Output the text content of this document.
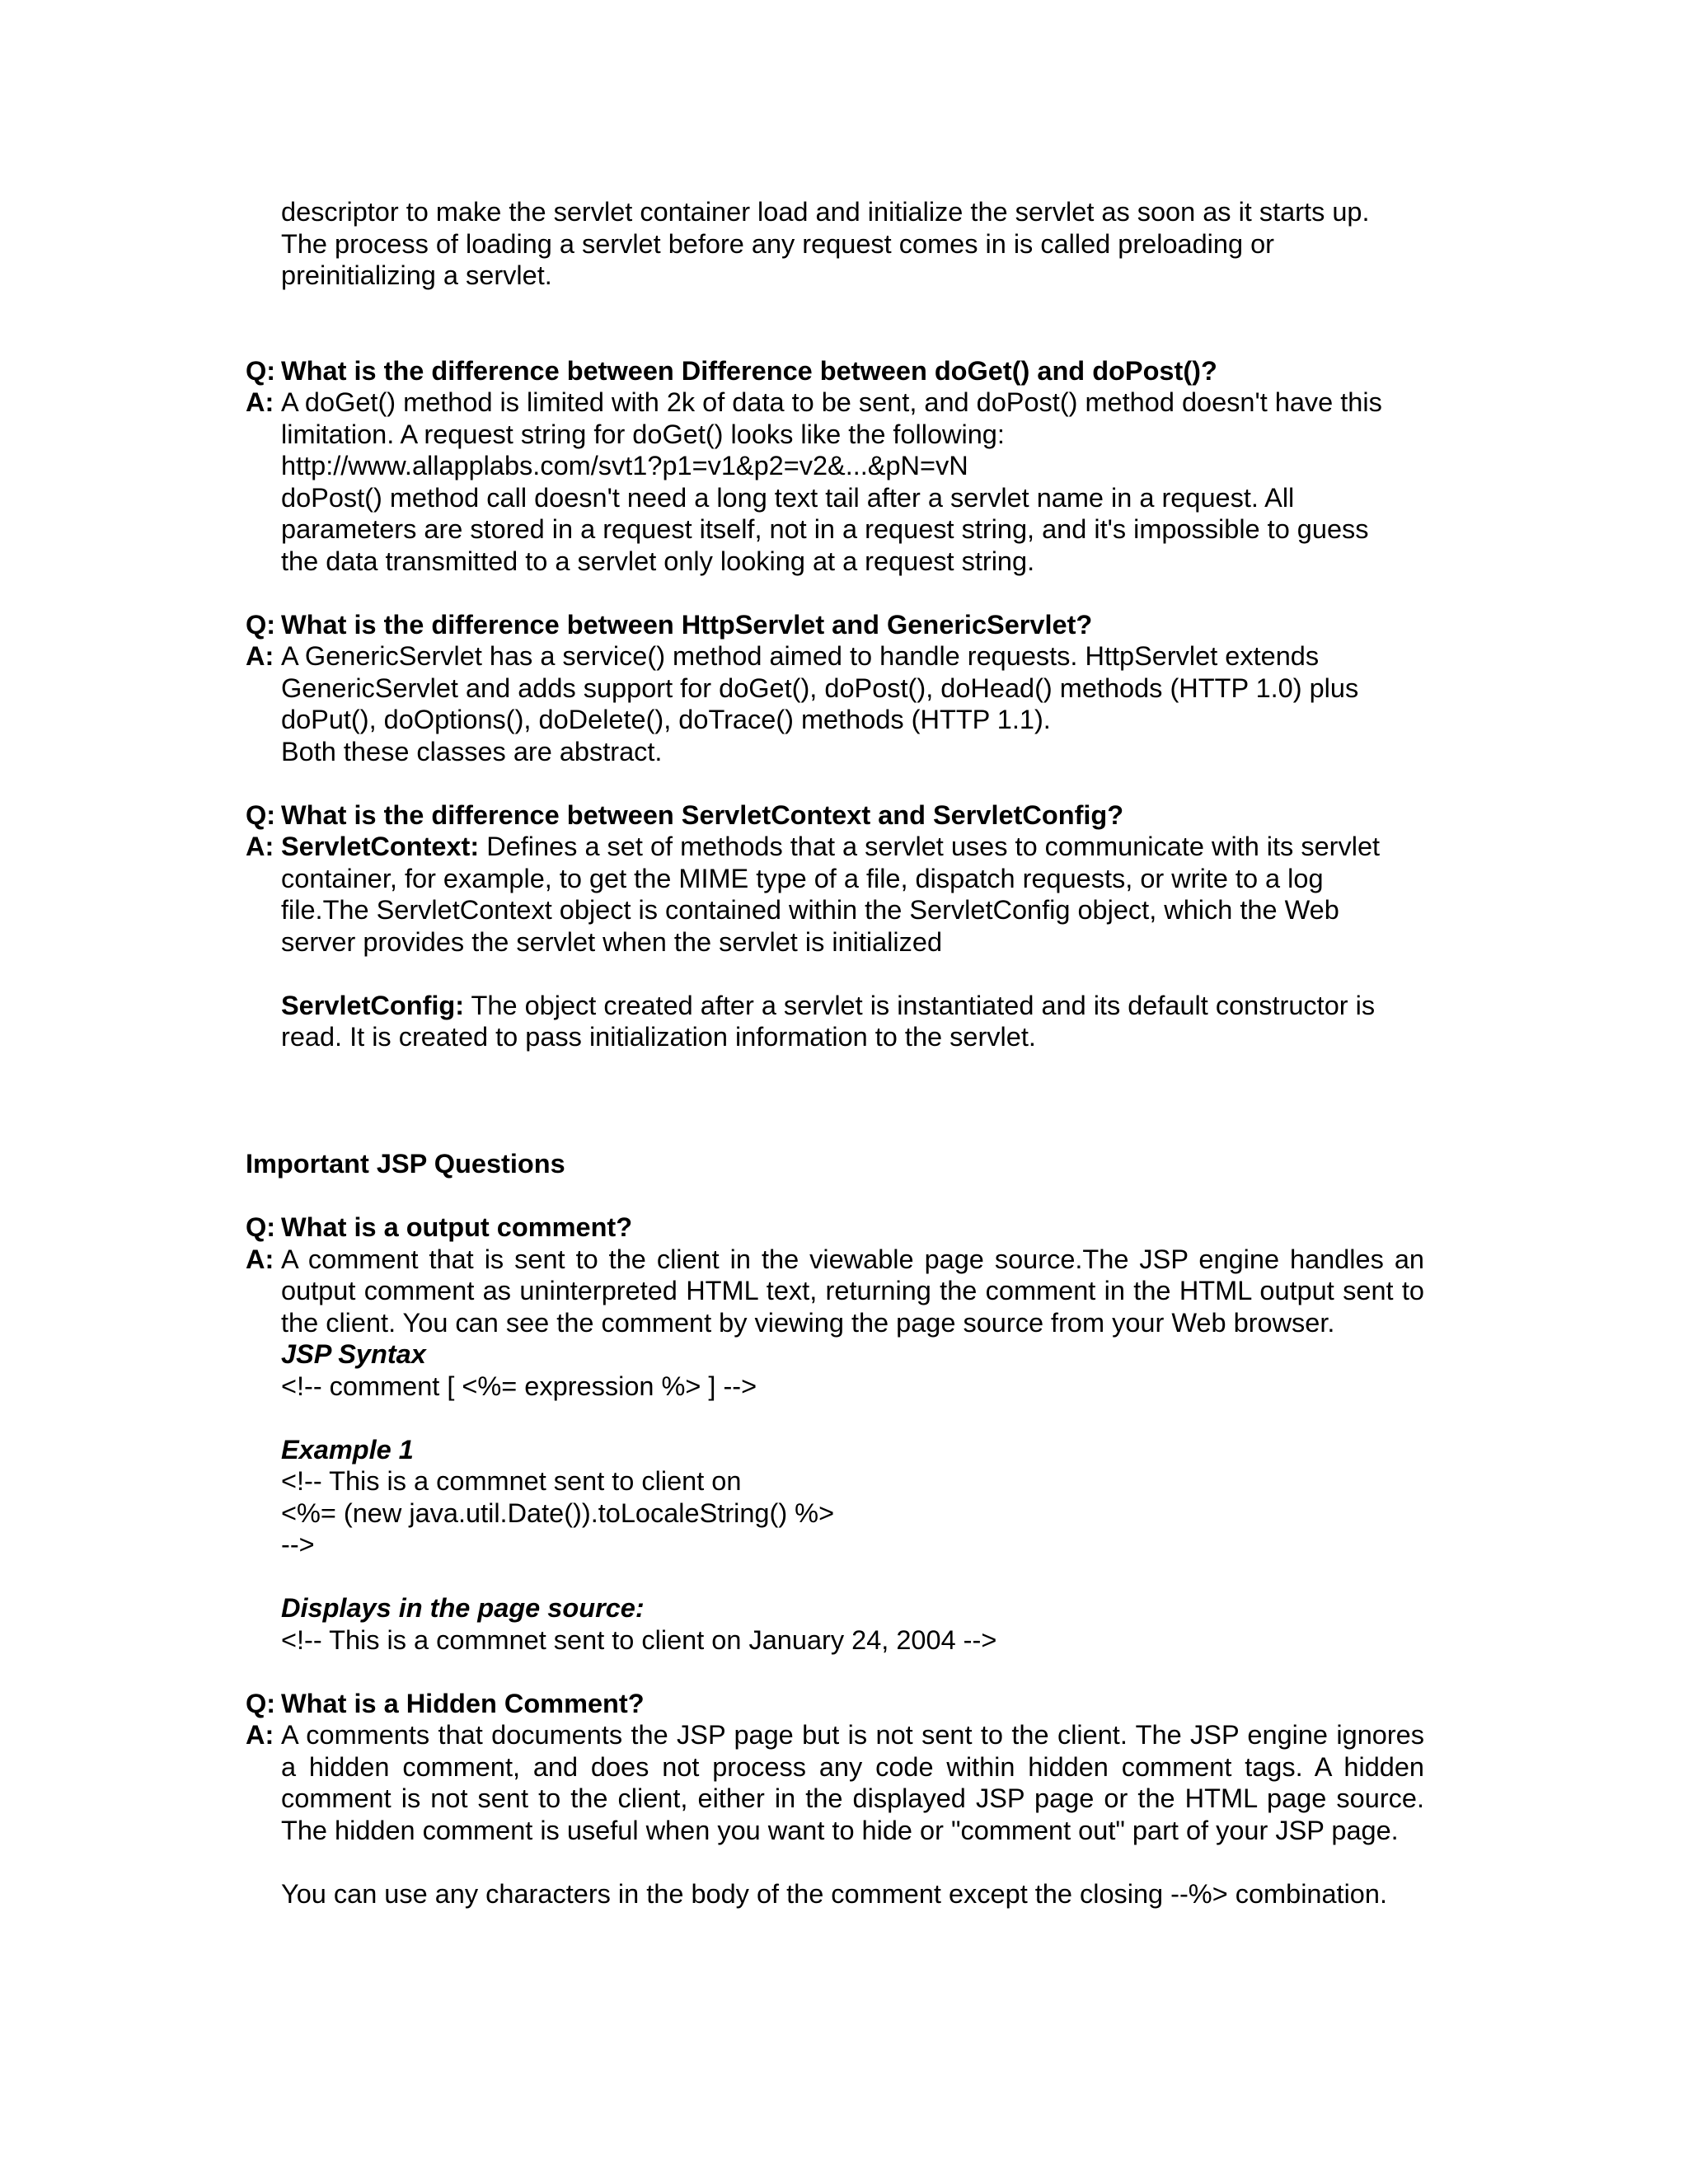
descriptor to make the servlet container load and initialize the servlet as soon as it starts up.
The process of loading a servlet before any request comes in is called preloading or
preinitializing a servlet.
Q: What is the difference between Difference between doGet() and doPost()?
A: A doGet() method is limited with 2k of data to be sent, and doPost() method doesn't have this
limitation. A request string for doGet() looks like the following:
http://www.allapplabs.com/svt1?p1=v1&p2=v2&...&pN=vN
doPost() method call doesn't need a long text tail after a servlet name in a request. All
parameters are stored in a request itself, not in a request string, and it's impossible to guess
the data transmitted to a servlet only looking at a request string.
Q: What is the difference between HttpServlet and GenericServlet?
A: A GenericServlet has a service() method aimed to handle requests. HttpServlet extends
GenericServlet and adds support for doGet(), doPost(), doHead() methods (HTTP 1.0) plus
doPut(), doOptions(), doDelete(), doTrace() methods (HTTP 1.1).
Both these classes are abstract.
Q: What is the difference between ServletContext and ServletConfig?
A: ServletContext: Defines a set of methods that a servlet uses to communicate with its servlet
container, for example, to get the MIME type of a file, dispatch requests, or write to a log
file.The ServletContext object is contained within the ServletConfig object, which the Web
server provides the servlet when the servlet is initialized
ServletConfig: The object created after a servlet is instantiated and its default constructor is
read. It is created to pass initialization information to the servlet.
Important JSP Questions
Q: What is a output comment?
A: A comment that is sent to the client in the viewable page source.The JSP engine handles an output comment as uninterpreted HTML text, returning the comment in the HTML output sent to the client. You can see the comment by viewing the page source from your Web browser.
JSP Syntax
<!-- comment [ <%= expression %> ] -->
Example 1
<!-- This is a commnet sent to client on
<%= (new java.util.Date()).toLocaleString() %>
-->
Displays in the page source:
<!-- This is a commnet sent to client on January 24, 2004 -->
Q: What is a Hidden Comment?
A: A comments that documents the JSP page but is not sent to the client. The JSP engine ignores a hidden comment, and does not process any code within hidden comment tags. A hidden comment is not sent to the client, either in the displayed JSP page or the HTML page source. The hidden comment is useful when you want to hide or "comment out" part of your JSP page.
You can use any characters in the body of the comment except the closing --%> combination.
